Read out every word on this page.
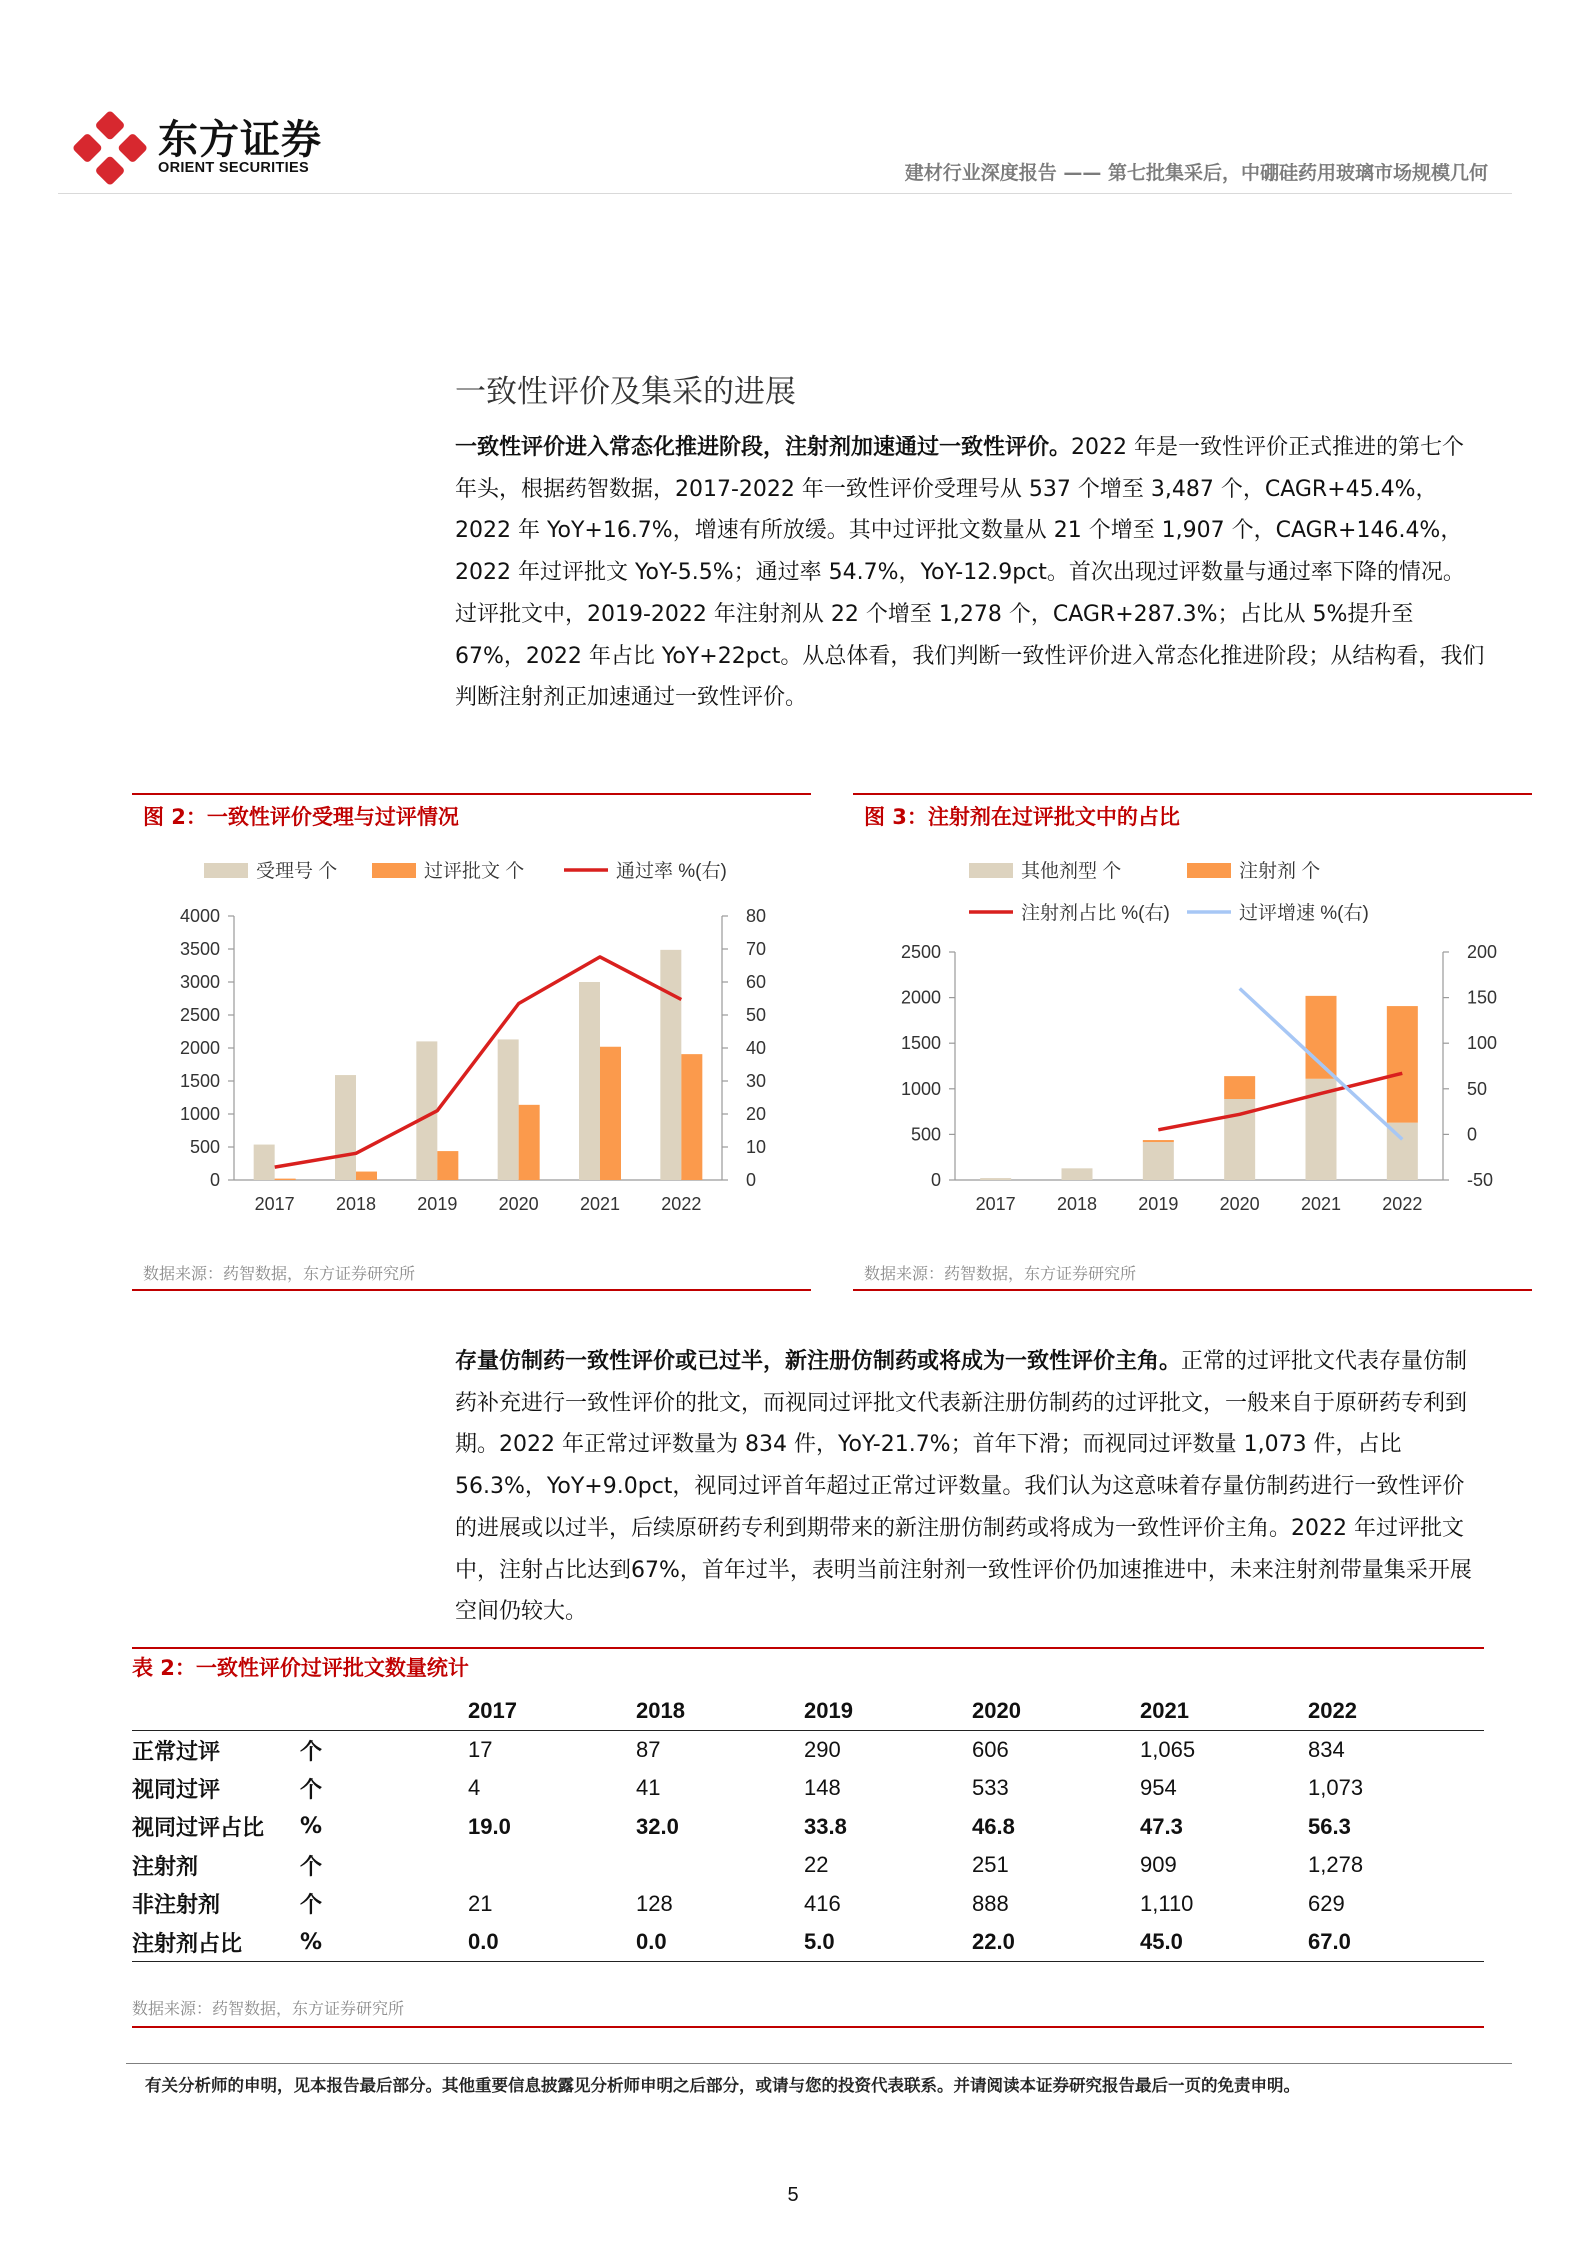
东方证券
ORIENT SECURITIES	建材行业深度报告 —— 第七批集采后，中硼硅药用玻璃市场规模几何
一致性评价及集采的进展

一致性评价进入常态化推进阶段，注射剂加速通过一致性评价。2022 年是一致性评价正式推进的第七个年头，根据药智数据，2017-2022 年一致性评价受理号从 537 个增至 3,487 个，CAGR+45.4%，2022 年 YoY+16.7%，增速有所放缓。其中过评批文数量从 21 个增至 1,907 个，CAGR+146.4%，2022 年过评批文 YoY-5.5%；通过率 54.7%，YoY-12.9pct。首次出现过评数量与通过率下降的情况。过评批文中，2019-2022 年注射剂从 22 个增至 1,278 个，CAGR+287.3%；占比从 5%提升至 67%，2022 年占比 YoY+22pct。从总体看，我们判断一致性评价进入常态化推进阶段；从结构看，我们判断注射剂正加速通过一致性评价。

图 2：一致性评价受理与过评情况
0
500
1000
1500
2000
2500
3000
3500
4000
0
10
20
30
40
50
60
70
80
2017 2018 2019 2020 2021 2022
受理号 个	过评批文 个	通过率 %(右)
数据来源：药智数据，东方证券研究所
图 3：注射剂在过评批文中的占比
0
500
1000
1500
2000
2500
-50
0
50
100
150
200
2017 2018 2019 2020 2021 2022
其他剂型 个	注射剂 个
注射剂占比 %(右)	过评增速 %(右)
数据来源：药智数据，东方证券研究所

存量仿制药一致性评价或已过半，新注册仿制药或将成为一致性评价主角。正常的过评批文代表存量仿制药补充进行一致性评价的批文，而视同过评批文代表新注册仿制药的过评批文，一般来自于原研药专利到期。2022 年正常过评数量为 834 件，YoY-21.7%；首年下滑；而视同过评数量 1,073 件，占比 56.3%，YoY+9.0pct，视同过评首年超过正常过评数量。我们认为这意味着存量仿制药进行一致性评价的进展或以过半，后续原研药专利到期带来的新注册仿制药或将成为一致性评价主角。2022 年过评批文中，注射占比达到67%，首年过半，表明当前注射剂一致性评价仍加速推进中，未来注射剂带量集采开展空间仍较大。

表 2：一致性评价过评批文数量统计
		2017	2018	2019	2020	2021	2022
正常过评	个	17	87	290	606	1,065	834
视同过评	个	4	41	148	533	954	1,073
视同过评占比	%	19.0	32.0	33.8	46.8	47.3	56.3
注射剂	个			22	251	909	1,278
非注射剂	个	21	128	416	888	1,110	629
注射剂占比	%	0.0	0.0	5.0	22.0	45.0	67.0
数据来源：药智数据，东方证券研究所
有关分析师的申明，见本报告最后部分。其他重要信息披露见分析师申明之后部分，或请与您的投资代表联系。并请阅读本证券研究报告最后一页的免责申明。
5
